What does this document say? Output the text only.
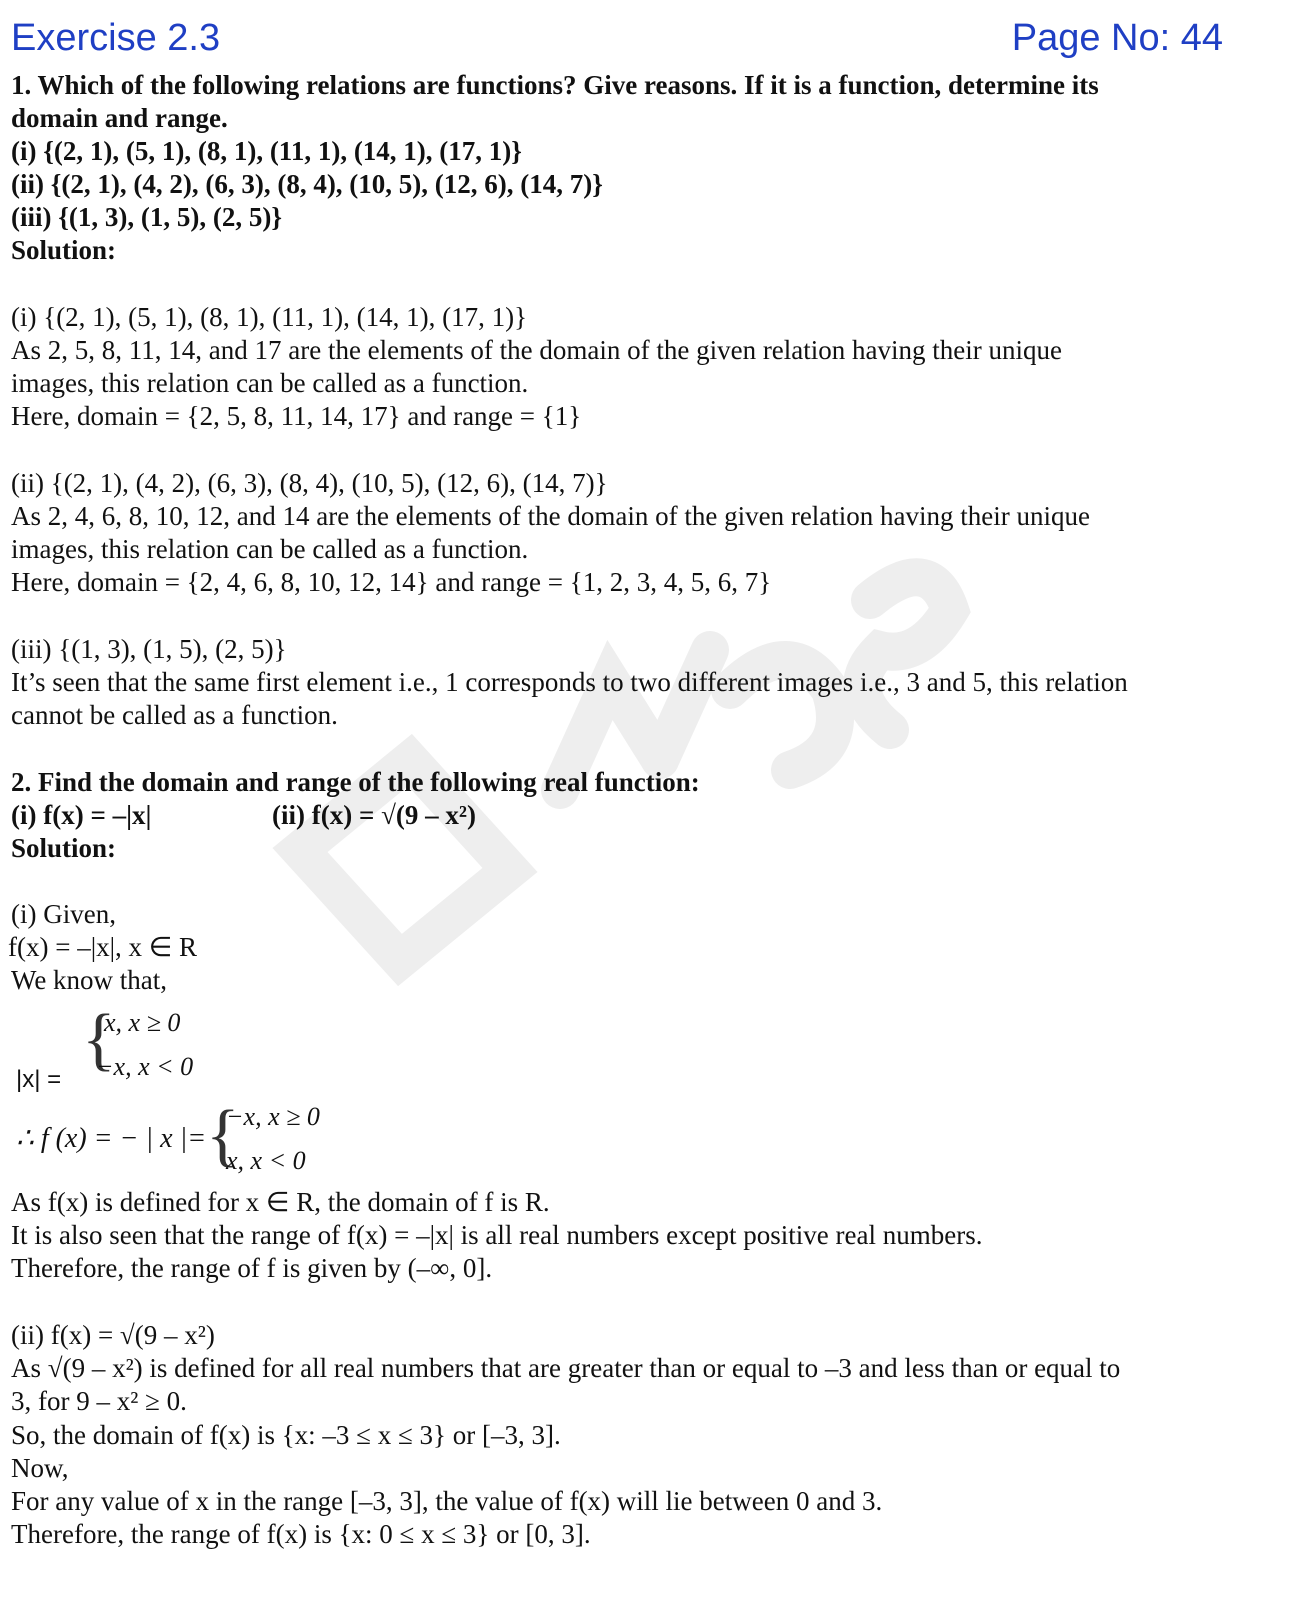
Exercise 2.3	Page No: 44
1. Which of the following relations are functions? Give reasons. If it is a function, determine its
domain and range.
(i) {(2, 1), (5, 1), (8, 1), (11, 1), (14, 1), (17, 1)}
(ii) {(2, 1), (4, 2), (6, 3), (8, 4), (10, 5), (12, 6), (14, 7)}
(iii) {(1, 3), (1, 5), (2, 5)}
Solution:
(i) {(2, 1), (5, 1), (8, 1), (11, 1), (14, 1), (17, 1)}
As 2, 5, 8, 11, 14, and 17 are the elements of the domain of the given relation having their unique
images, this relation can be called as a function.
Here, domain = {2, 5, 8, 11, 14, 17} and range = {1}
(ii) {(2, 1), (4, 2), (6, 3), (8, 4), (10, 5), (12, 6), (14, 7)}
As 2, 4, 6, 8, 10, 12, and 14 are the elements of the domain of the given relation having their unique
images, this relation can be called as a function.
Here, domain = {2, 4, 6, 8, 10, 12, 14} and range = {1, 2, 3, 4, 5, 6, 7}
(iii) {(1, 3), (1, 5), (2, 5)}
It’s seen that the same first element i.e., 1 corresponds to two different images i.e., 3 and 5, this relation
cannot be called as a function.
2. Find the domain and range of the following real function:
(i) f(x) = –|x|	(ii) f(x) = √(9 – x²)
Solution:
(i) Given,
f(x) = –|x|, x ∈ R
We know that,
|x| =
{
x, x ≥ 0
−x, x < 0
∴ f (x) = − | x |= {
−x, x ≥ 0
x, x < 0
As f(x) is defined for x ∈ R, the domain of f is R.
It is also seen that the range of f(x) = –|x| is all real numbers except positive real numbers.
Therefore, the range of f is given by (–∞, 0].
(ii) f(x) = √(9 – x²)
As √(9 – x²) is defined for all real numbers that are greater than or equal to –3 and less than or equal to
3, for 9 – x² ≥ 0.
So, the domain of f(x) is {x: –3 ≤ x ≤ 3} or [–3, 3].
Now,
For any value of x in the range [–3, 3], the value of f(x) will lie between 0 and 3.
Therefore, the range of f(x) is {x: 0 ≤ x ≤ 3} or [0, 3].
